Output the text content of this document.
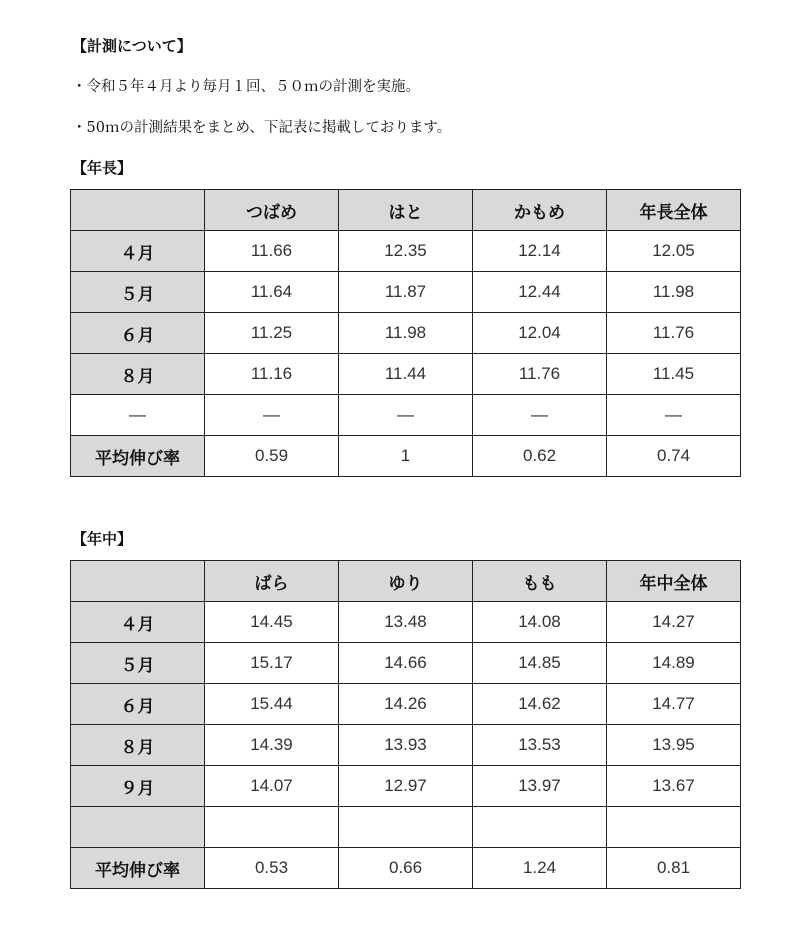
【計測について】
・令和５年４月より毎月１回、５０ｍの計測を実施。
・50ｍの計測結果をまとめ、下記表に掲載しております。
【年長】
	つばめ	はと	かもめ	年長全体
４月	11.66	12.35	12.14	12.05
５月	11.64	11.87	12.44	11.98
６月	11.25	11.98	12.04	11.76
８月	11.16	11.44	11.76	11.45
—	—	—	—	—
平均伸び率	0.59	1	0.62	0.74
【年中】
	ばら	ゆり	もも	年中全体
４月	14.45	13.48	14.08	14.27
５月	15.17	14.66	14.85	14.89
６月	15.44	14.26	14.62	14.77
８月	14.39	13.93	13.53	13.95
９月	14.07	12.97	13.97	13.67

平均伸び率	0.53	0.66	1.24	0.81
